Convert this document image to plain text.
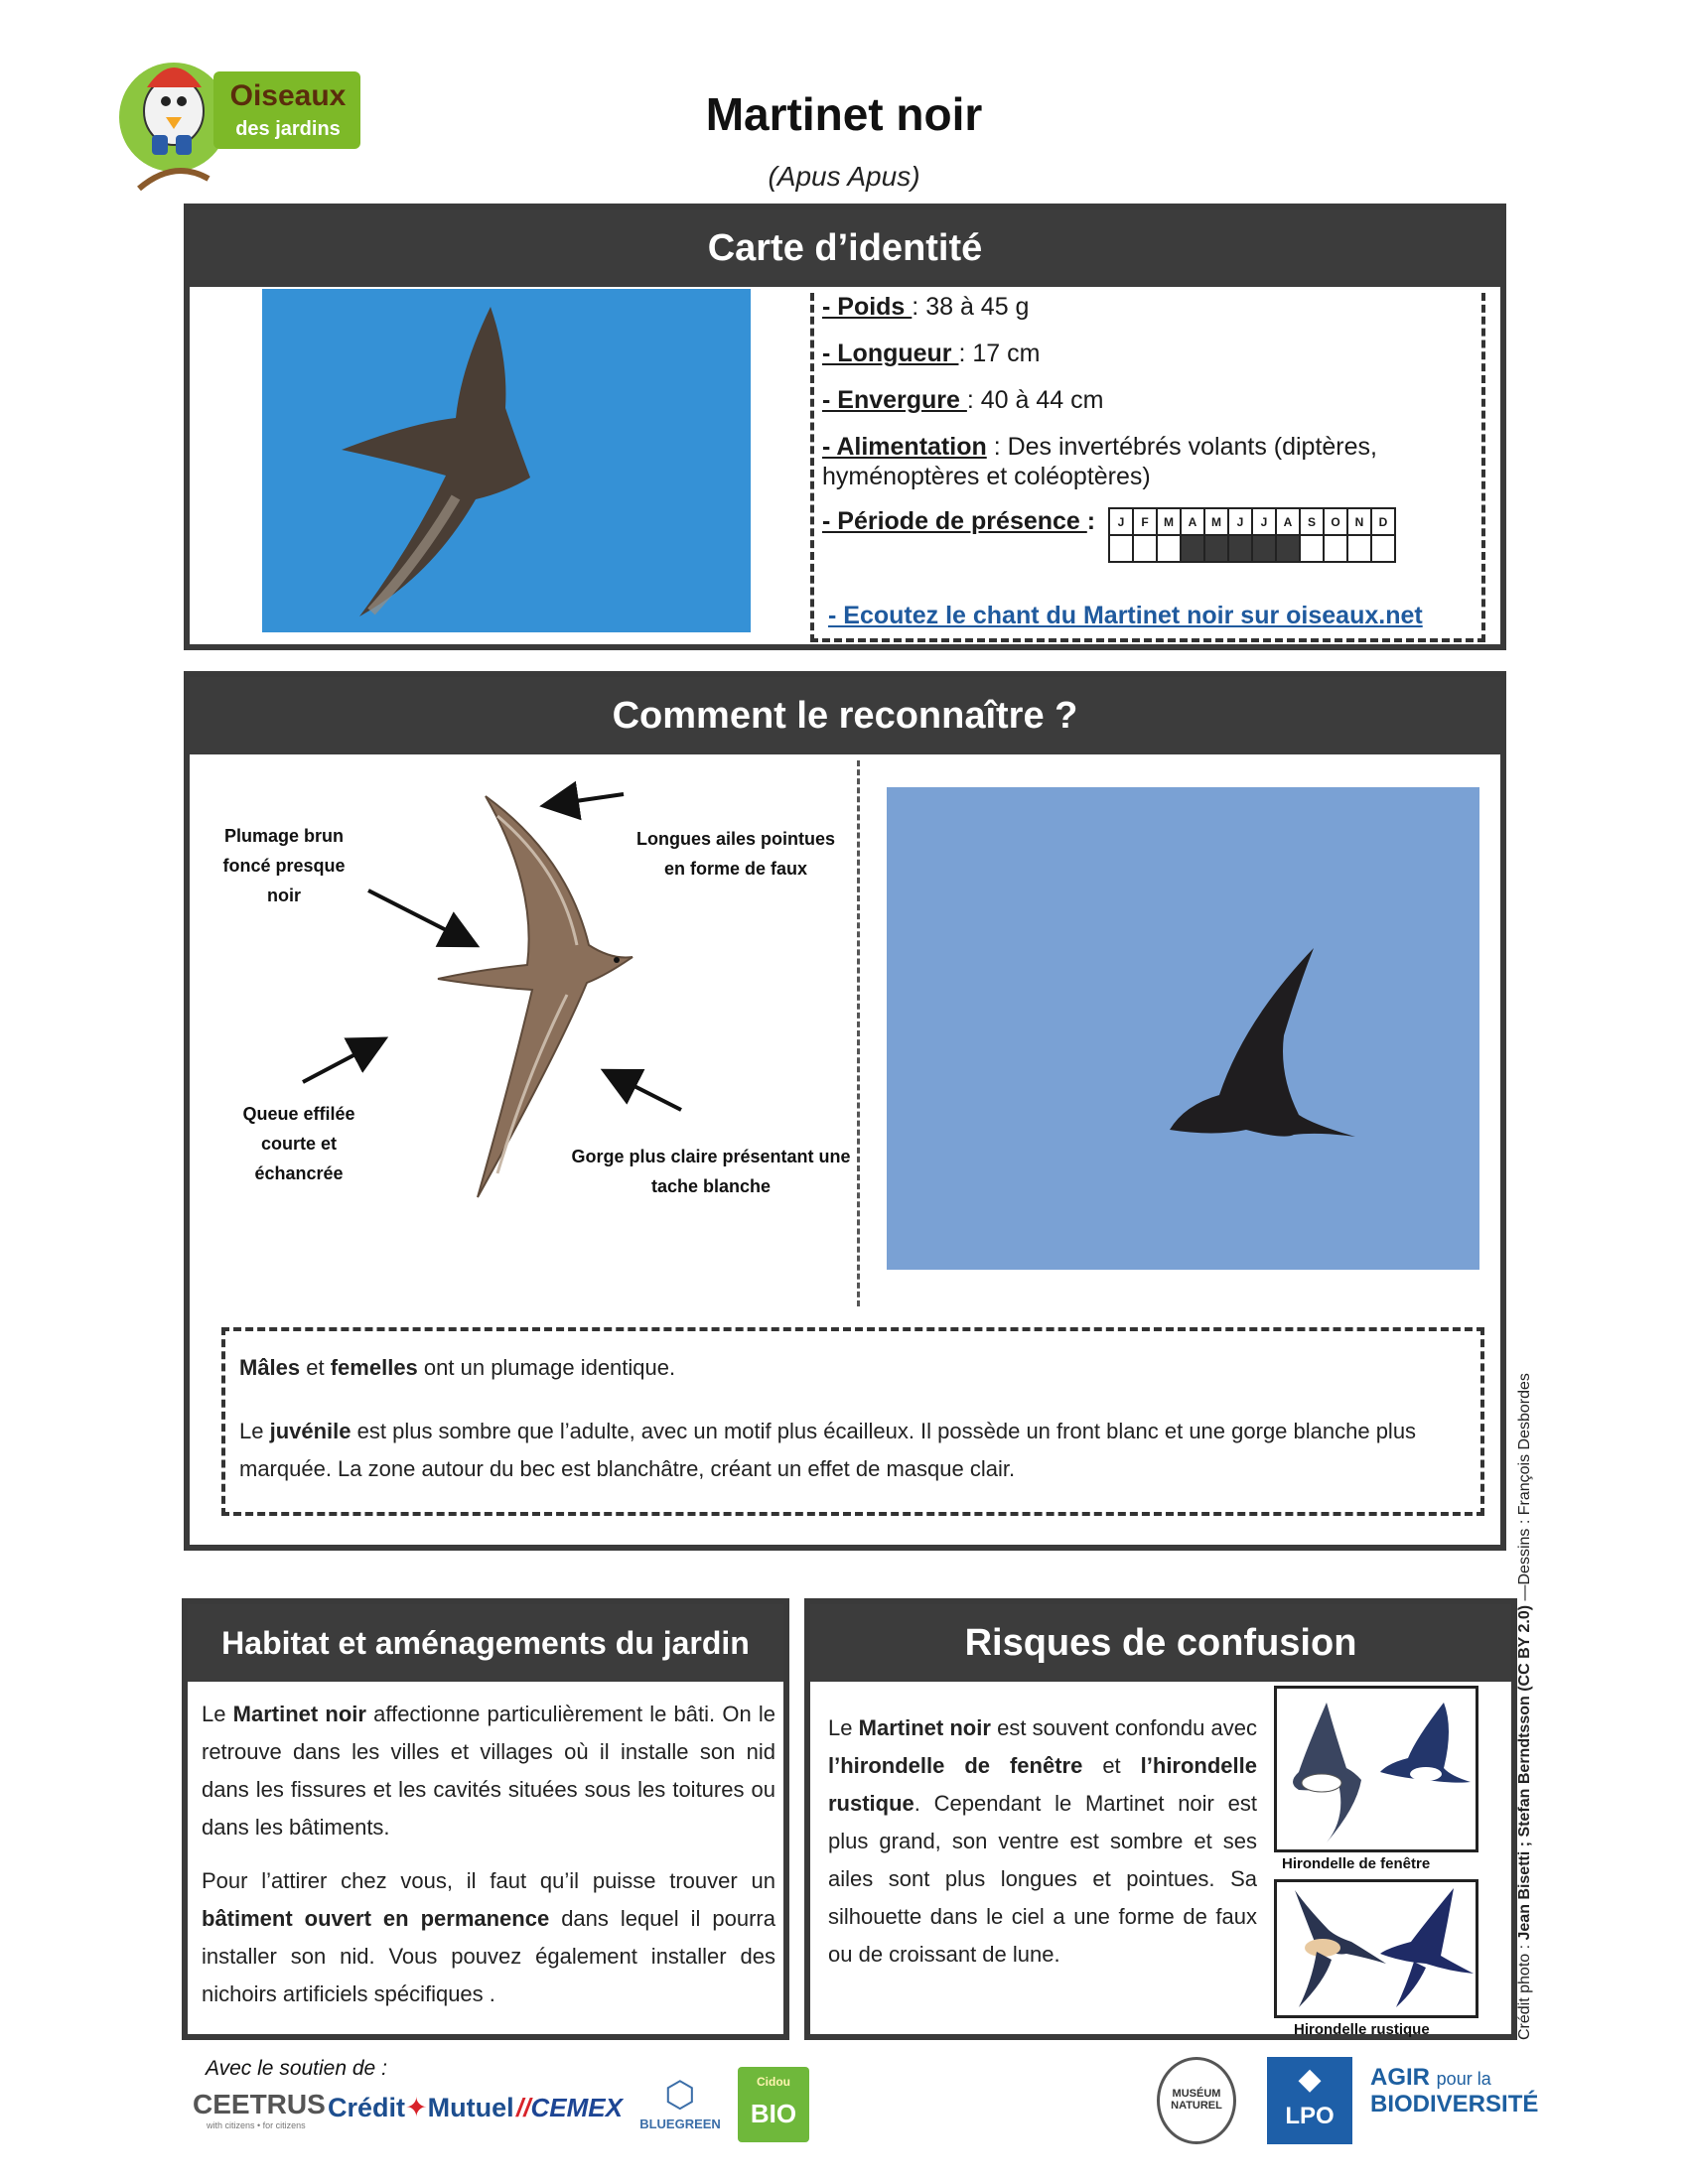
Oiseaux
des jardins	Martinet noir
(Apus Apus)
Carte d’identité
- Poids : 38 à 45 g
- Longueur : 17 cm
- Envergure : 40 à 44 cm
- Alimentation : Des invertébrés volants (diptères, hyménoptères et coléoptères)
- Période de présence : J	F	M	A	M	J	J	A	S	O	N	D

- Ecoutez le chant du Martinet noir sur oiseaux.net
Comment le reconnaître ?
Plumage brun
foncé presque
noir
Longues ailes pointues
en forme de faux
Queue effilée
courte et
échancrée
Gorge plus claire présentant une
tache blanche

Mâles et femelles ont un plumage identique.

Le juvénile est plus sombre que l’adulte, avec un motif plus écailleux. Il possède un front blanc et une gorge blanche plus marquée. La zone autour du bec est blanchâtre, créant un effet de masque clair.

Habitat et aménagements du jardin

Le Martinet noir affectionne particulièrement le bâti. On le retrouve dans les villes et villages où il installe son nid dans les fissures et les cavités situées sous les toitures ou dans les bâtiments.

Pour l’attirer chez vous, il faut qu’il puisse trouver un bâtiment ouvert en permanence dans lequel il pourra installer son nid. Vous pouvez également installer des nichoirs artificiels spécifiques .

Risques de confusion
Le Martinet noir est souvent confondu avec l’hirondelle de fenêtre et l’hirondelle rustique. Cependant le Martinet noir est plus grand, son ventre est sombre et ses ailes sont plus longues et pointues. Sa silhouette dans le ciel a une forme de faux ou de croissant de lune.
Hirondelle de fenêtre
Hirondelle rustique	Crédit photo : Jean Bisetti ; Stefan Berndtsson (CC BY 2.0) —Dessins : François Desbordes
Avec le soutien de :
CEETRUS
with citizens • for citizens
Crédit✦Mutuel //CEMEX	⬡
BLUEGREEN
Cidou
BIO
MUSÉUM
NATUREL
◆
LPO
AGIR pour la
BIODIVERSITÉ
